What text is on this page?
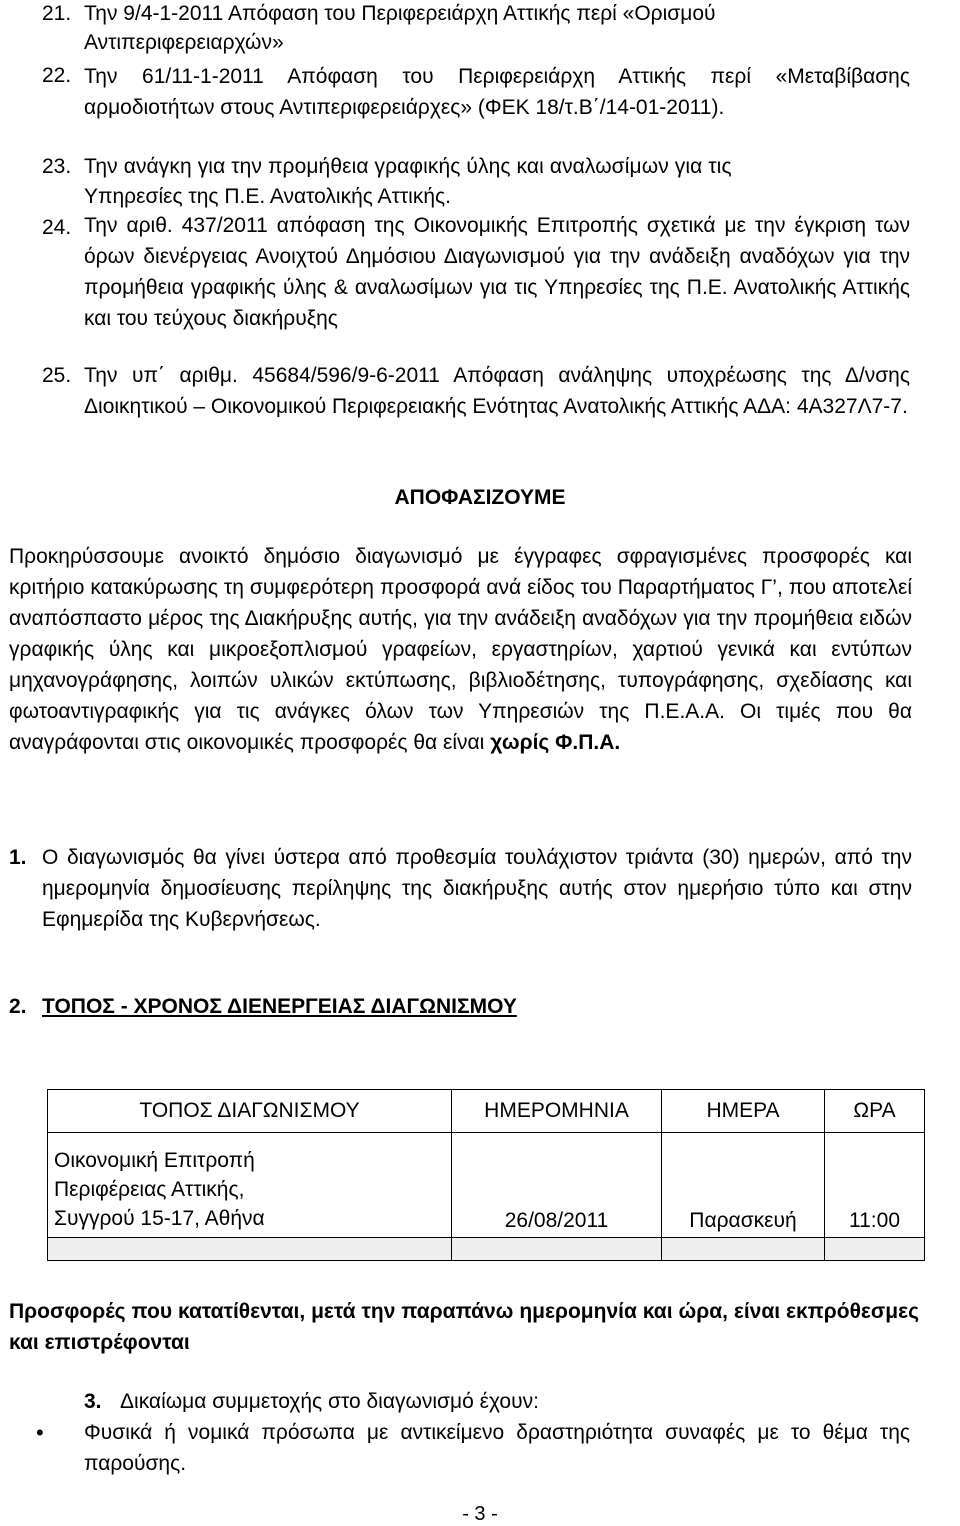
21. Την 9/4-1-2011 Απόφαση του Περιφερειάρχη Αττικής περί «Ορισμού
Αντιπεριφερειαρχών»
22. Την 61/11-1-2011 Απόφαση του Περιφερειάρχη Αττικής περί «Μεταβίβασης αρμοδιοτήτων στους Αντιπεριφερειάρχες» (ΦΕΚ 18/τ.Β΄/14-01-2011).
23. Την ανάγκη για την προμήθεια γραφικής ύλης και αναλωσίμων για τις
Υπηρεσίες της Π.Ε. Ανατολικής Αττικής.
24. Την αριθ. 437/2011 απόφαση της Οικονομικής Επιτροπής σχετικά με την έγκριση των όρων διενέργειας Ανοιχτού Δημόσιου Διαγωνισμού για την ανάδειξη αναδόχων για την προμήθεια γραφικής ύλης & αναλωσίμων για τις Υπηρεσίες της Π.Ε. Ανατολικής Αττικής και του τεύχους διακήρυξης
25. Την υπ΄ αριθμ. 45684/596/9-6-2011 Απόφαση ανάληψης υποχρέωσης της Δ/νσης Διοικητικού – Οικονομικού Περιφερειακής Ενότητας Ανατολικής Αττικής ΑΔΑ: 4Α327Λ7-7.
ΑΠΟΦΑΣΙΖΟΥΜΕ
Προκηρύσσουμε ανοικτό δημόσιο διαγωνισμό με έγγραφες σφραγισμένες προσφορές και κριτήριο κατακύρωσης τη συμφερότερη προσφορά ανά είδος του Παραρτήματος Γ’, που αποτελεί αναπόσπαστο μέρος της Διακήρυξης αυτής, για την ανάδειξη αναδόχων για την προμήθεια ειδών γραφικής ύλης και μικροεξοπλισμού γραφείων, εργαστηρίων, χαρτιού γενικά και εντύπων μηχανογράφησης, λοιπών υλικών εκτύπωσης, βιβλιοδέτησης, τυπογράφησης, σχεδίασης και φωτοαντιγραφικής για τις ανάγκες όλων των Υπηρεσιών της Π.Ε.Α.Α. Οι τιμές που θα αναγράφονται στις οικονομικές προσφορές θα είναι χωρίς Φ.Π.Α.
1. Ο διαγωνισμός θα γίνει ύστερα από προθεσμία τουλάχιστον τριάντα (30) ημερών, από την ημερομηνία δημοσίευσης περίληψης της διακήρυξης αυτής στον ημερήσιο τύπο και στην Εφημερίδα της Κυβερνήσεως.
2. ΤΟΠΟΣ - ΧΡΟΝΟΣ ΔΙΕΝΕΡΓΕΙΑΣ ΔΙΑΓΩΝΙΣΜΟΥ
ΤΟΠΟΣ ΔΙΑΓΩΝΙΣΜΟΥ	ΗΜΕΡΟΜΗΝΙΑ	ΗΜΕΡΑ	ΩΡΑ

Οικονομική Επιτροπή
Περιφέρειας Αττικής,
Συγγρού 15-17, Αθήνα	26/08/2011	Παρασκευή	11:00

Προσφορές που κατατίθενται, μετά την παραπάνω ημερομηνία και ώρα, είναι εκπρόθεσμες και επιστρέφονται
3. Δικαίωμα συμμετοχής στο διαγωνισμό έχουν:
• Φυσικά ή νομικά πρόσωπα με αντικείμενο δραστηριότητα συναφές με το θέμα της παρούσης.
- 3 -
